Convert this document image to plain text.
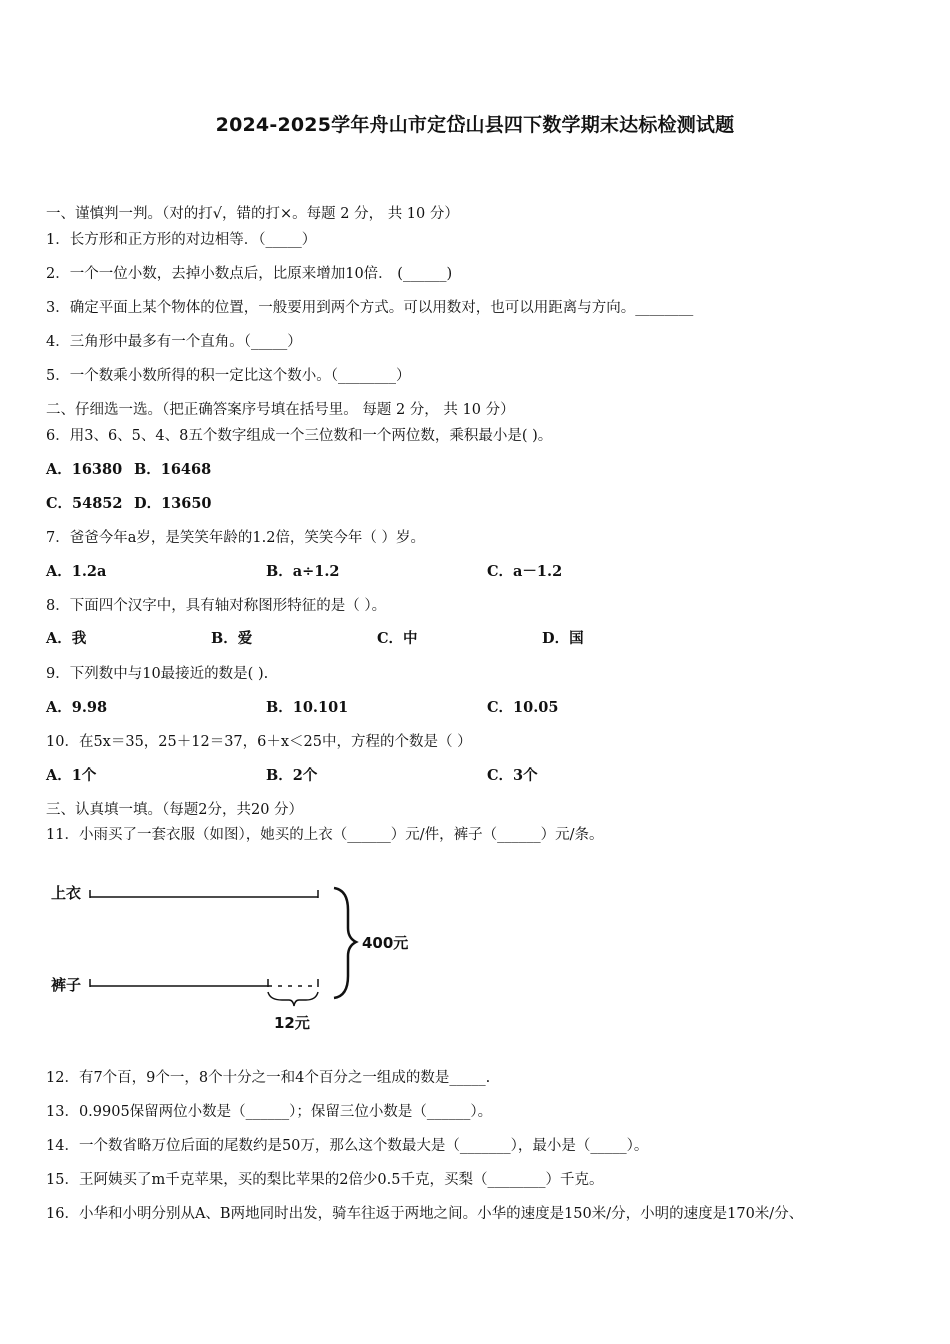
2024-2025学年舟山市定岱山县四下数学期末达标检测试题
一、谨慎判一判。（对的打√，错的打×。每题 2 分， 共 10 分）
1．长方形和正方形的对边相等．（_____）
2．一个一位小数，去掉小数点后，比原来增加10倍． (______)
3．确定平面上某个物体的位置，一般要用到两个方式。可以用数对，也可以用距离与方向。________
4．三角形中最多有一个直角。（_____）
5．一个数乘小数所得的积一定比这个数小。（________）
二、仔细选一选。（把正确答案序号填在括号里。 每题 2 分， 共 10 分）
6．用3、6、5、4、8五个数字组成一个三位数和一个两位数，乘积最小是( )。
A．16380 B．16468
C．54852 D．13650
7．爸爸今年a岁，是笑笑年龄的1.2倍，笑笑今年（ ）岁。
A．1.2a	B．a÷1.2	C．a－1.2
8．下面四个汉字中，具有轴对称图形特征的是（ ）。
A．我	B．爱	C．中	D．国
9．下列数中与10最接近的数是( ).
A．9.98	B．10.101	C．10.05
10．在5x＝35，25＋12＝37，6＋x＜25中，方程的个数是（ ）
A．1个	B．2个	C．3个
三、认真填一填。（每题2分，共20 分）
11．小雨买了一套衣服（如图），她买的上衣（______）元/件，裤子（______）元/条。
上衣
裤子
400元
12元
12．有7个百，9个一，8个十分之一和4个百分之一组成的数是_____.
13．0.9905保留两位小数是（______）；保留三位小数是（______）。
14．一个数省略万位后面的尾数约是50万，那么这个数最大是（_______），最小是（_____）。
15．王阿姨买了m千克苹果，买的梨比苹果的2倍少0.5千克，买梨（________）千克。
16．小华和小明分别从A、B两地同时出发，骑车往返于两地之间。小华的速度是150米/分，小明的速度是170米/分、
